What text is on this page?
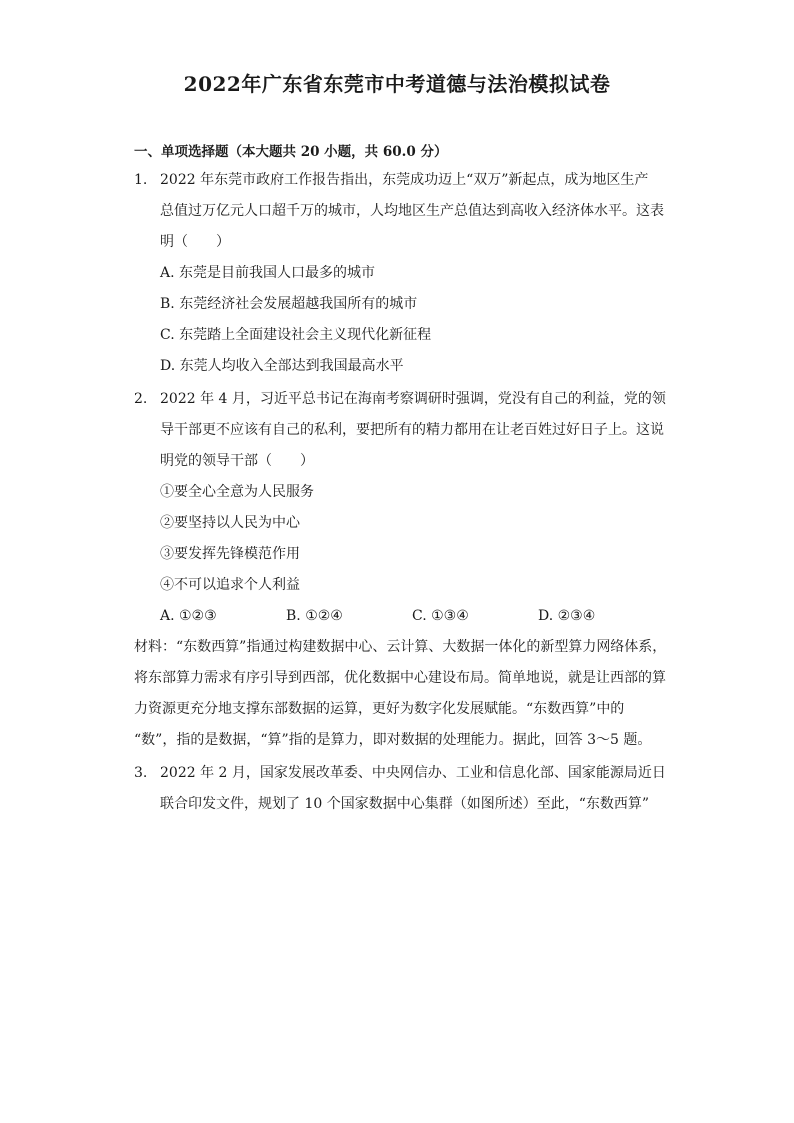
2022年广东省东莞市中考道德与法治模拟试卷
一、单项选择题（本大题共 20 小题，共 60.0 分）
1. 2022 年东莞市政府工作报告指出，东莞成功迈上“双万”新起点，成为地区生产
总值过万亿元人口超千万的城市，人均地区生产总值达到高收入经济体水平。这表
明（　　）
A. 东莞是目前我国人口最多的城市
B. 东莞经济社会发展超越我国所有的城市
C. 东莞踏上全面建设社会主义现代化新征程
D. 东莞人均收入全部达到我国最高水平
2. 2022 年 4 月，习近平总书记在海南考察调研时强调，党没有自己的利益，党的领
导干部更不应该有自己的私利，要把所有的精力都用在让老百姓过好日子上。这说
明党的领导干部（　　）
①要全心全意为人民服务
②要坚持以人民为中心
③要发挥先锋模范作用
④不可以追求个人利益
A. ①②③	B. ①②④	C. ①③④	D. ②③④
材料：“东数西算”指通过构建数据中心、云计算、大数据一体化的新型算力网络体系，
将东部算力需求有序引导到西部，优化数据中心建设布局。简单地说，就是让西部的算
力资源更充分地支撑东部数据的运算，更好为数字化发展赋能。“东数西算”中的
“数”，指的是数据，“算”指的是算力，即对数据的处理能力。据此，回答 3～5 题。
3. 2022 年 2 月，国家发展改革委、中央网信办、工业和信息化部、国家能源局近日
联合印发文件，规划了 10 个国家数据中心集群（如图所述）至此，“东数西算”
